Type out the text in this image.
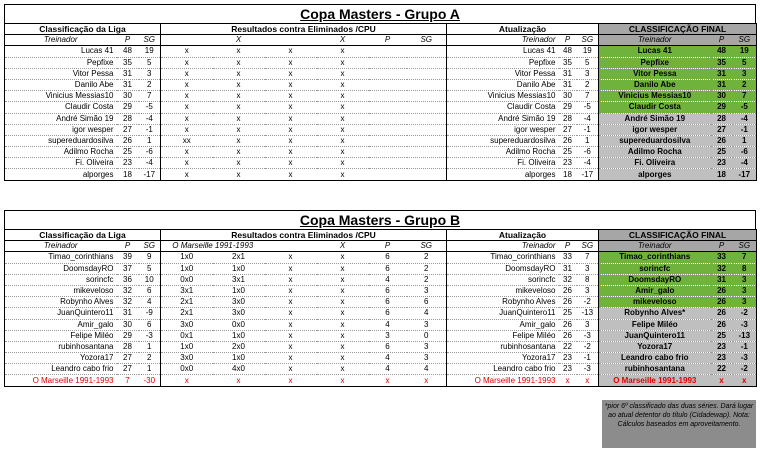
Copa Masters - Grupo A
Classificação da Liga			Resultados contra Eliminados /CPU						Atualização			CLASSIFICAÇÃO FINAL		
Treinador	P	SG		X		X	P	SG	Treinador	P	SG	Treinador	P	SG
Lucas 41	48	19	x	x	x	x			Lucas 41	48	19	Lucas 41	48	19
Pepfixe	35	5	x	x	x	x			Pepfixe	35	5	Pepfixe	35	5
Vitor Pessa	31	3	x	x	x	x			Vitor Pessa	31	3	Vitor Pessa	31	3
Danilo Abe	31	2	x	x	x	x			Danilo Abe	31	2	Danilo Abe	31	2
Vinicius Messias10	30	7	x	x	x	x			Vinicius Messias10	30	7	Vinicius Messias10	30	7
Claudir Costa	29	-5	x	x	x	x			Claudir Costa	29	-5	Claudir Costa	29	-5
André Simão 19	28	-4	x	x	x	x			André Simão 19	28	-4	André Simão 19	28	-4
igor wesper	27	-1	x	x	x	x			igor wesper	27	-1	igor wesper	27	-1
supereduardosilva	26	1	xx	x	x	x			supereduardosilva	26	1	supereduardosilva	26	1
Adilmo Rocha	25	-6	x	x	x	x			Adilmo Rocha	25	-6	Adilmo Rocha	25	-6
Fi. Oliveira	23	-4	x	x	x	x			Fi. Oliveira	23	-4	Fi. Oliveira	23	-4
alporges	18	-17	x	x	x	x			alporges	18	-17	alporges	18	-17
Copa Masters - Grupo B
Classificação da Liga			Resultados contra Eliminados /CPU						Atualização			CLASSIFICAÇÃO FINAL		
Treinador	P	SG	O Marseille 1991-1993			X	P	SG	Treinador	P	SG	Treinador	P	SG
Timao_corinthians	39	9	1x0	2x1	x	x	6	2	Timao_corinthians	33	7	Timao_corinthians	33	7
DoomsdayRO	37	5	1x0	1x0	x	x	6	2	DoomsdayRO	31	3	sorincfc	32	8
sorincfc	36	10	0x0	3x1	x	x	4	2	sorincfc	32	8	DoomsdayRO	31	3
mikeveloso	32	6	3x1	1x0	x	x	6	3	mikeveloso	26	3	Amir_galo	26	3
Robynho Alves	32	4	2x1	3x0	x	x	6	6	Robynho Alves	26	-2	mikeveloso	26	3
JuanQuintero11	31	-9	2x1	3x0	x	x	6	4	JuanQuintero11	25	-13	Robynho Alves*	26	-2
Amir_galo	30	6	3x0	0x0	x	x	4	3	Amir_galo	26	3	Felipe Miléo	26	-3
Felipe Miléo	29	-3	0x1	1x0	x	x	3	0	Felipe Miléo	26	-3	JuanQuintero11	25	-13
rubinhosantana	28	1	1x0	2x0	x	x	6	3	rubinhosantana	22	-2	Yozora17	23	-1
Yozora17	27	2	3x0	1x0	x	x	4	3	Yozora17	23	-1	Leandro cabo frio	23	-3
Leandro cabo frio	27	1	0x0	4x0	x	x	4	4	Leandro cabo frio	23	-3	rubinhosantana	22	-2
O Marseille 1991-1993	7	-30	x	x	x	x	x	x	O Marseille 1991-1993	x	x	O Marseille 1991-1993	x	x
*pior 6º classificado das duas séries. Dará lugar ao atual detentor do título (Cidadewap). Nota: Cálculos baseados em aproveitamento.
